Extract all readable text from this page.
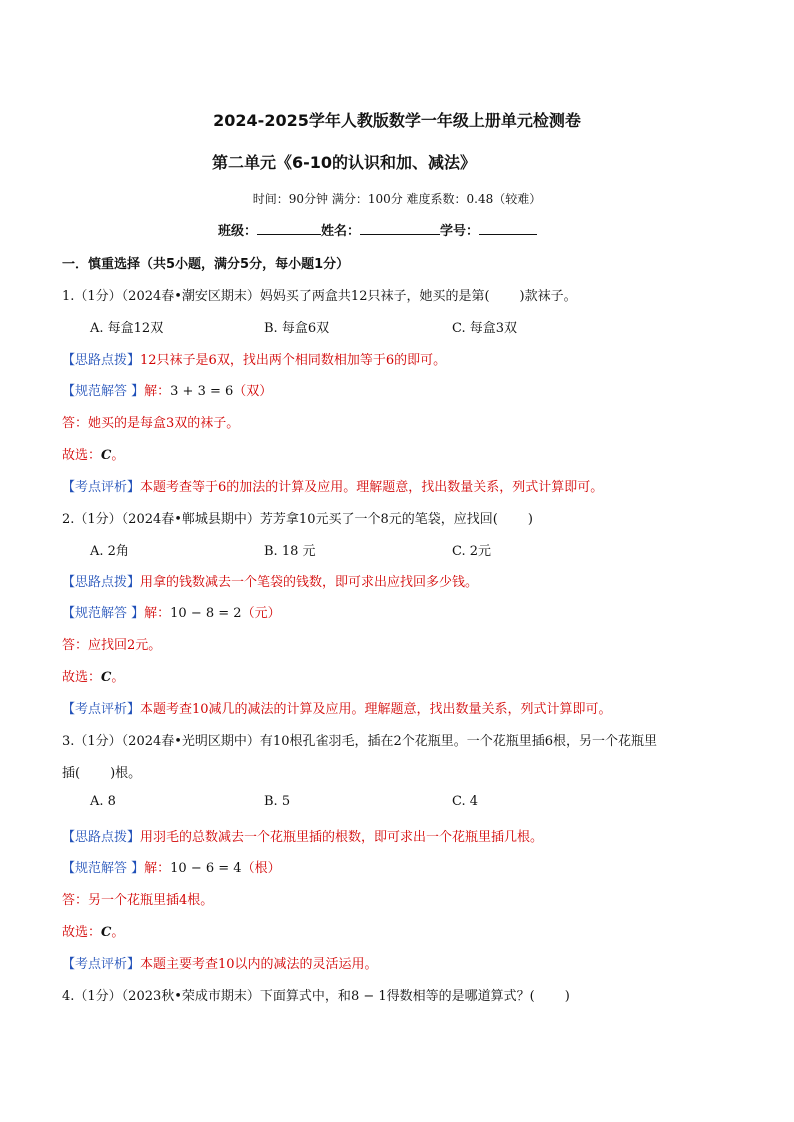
2024-2025学年人教版数学一年级上册单元检测卷
第二单元《6-10的认识和加、减法》
时间：90分钟 满分：100分 难度系数：0.48（较难）
班级：	姓名：	学号：
一．慎重选择（共5小题，满分5分，每小题1分）
1.（1分）（2024春•潮安区期末）妈妈买了两盒共12只袜子，她买的是第( )款袜子。
A. 每盒12双	B. 每盒6双	C. 每盒3双
【思路点拨】12只袜子是6双，找出两个相同数相加等于6的即可。
【规范解答 】解：3 + 3 = 6（双）
答：她买的是每盒3双的袜子。
故选：C。
【考点评析】本题考查等于6的加法的计算及应用。理解题意，找出数量关系，列式计算即可。
2.（1分）（2024春•郸城县期中）芳芳拿10元买了一个8元的笔袋，应找回( )
A. 2角	B. 18 元	C. 2元
【思路点拨】用拿的钱数减去一个笔袋的钱数，即可求出应找回多少钱。
【规范解答 】解：10 − 8 = 2（元）
答：应找回2元。
故选：C。
【考点评析】本题考查10减几的减法的计算及应用。理解题意，找出数量关系，列式计算即可。
3.（1分）（2024春•光明区期中）有10根孔雀羽毛，插在2个花瓶里。一个花瓶里插6根，另一个花瓶里
插( )根。
A. 8	B. 5	C. 4
【思路点拨】用羽毛的总数减去一个花瓶里插的根数，即可求出一个花瓶里插几根。
【规范解答 】解：10 − 6 = 4（根）
答：另一个花瓶里插4根。
故选：C。
【考点评析】本题主要考查10以内的减法的灵活运用。
4.（1分）（2023秋•荣成市期末）下面算式中，和8 − 1得数相等的是哪道算式？( )
